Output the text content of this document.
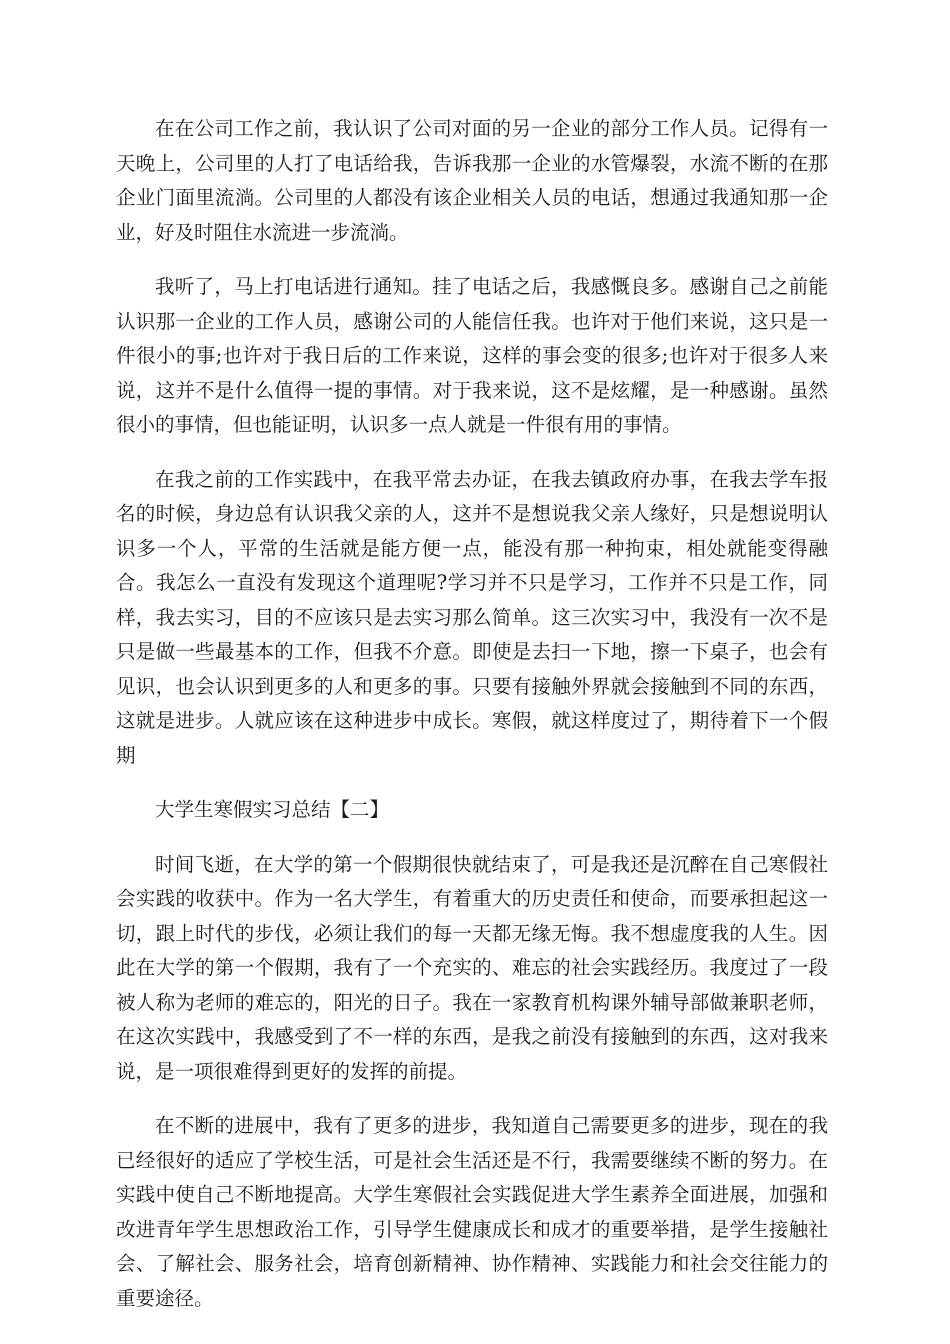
在在公司工作之前，我认识了公司对面的另一企业的部分工作人员。记得有一天晚上，公司里的人打了电话给我，告诉我那一企业的水管爆裂，水流不断的在那企业门面里流淌。公司里的人都没有该企业相关人员的电话，想通过我通知那一企业，好及时阻住水流进一步流淌。

我听了，马上打电话进行通知。挂了电话之后，我感慨良多。感谢自己之前能认识那一企业的工作人员，感谢公司的人能信任我。也许对于他们来说，这只是一件很小的事;也许对于我日后的工作来说，这样的事会变的很多;也许对于很多人来说，这并不是什么值得一提的事情。对于我来说，这不是炫耀，是一种感谢。虽然很小的事情，但也能证明，认识多一点人就是一件很有用的事情。

在我之前的工作实践中，在我平常去办证，在我去镇政府办事，在我去学车报名的时候，身边总有认识我父亲的人，这并不是想说我父亲人缘好，只是想说明认识多一个人，平常的生活就是能方便一点，能没有那一种拘束，相处就能变得融合。我怎么一直没有发现这个道理呢?学习并不只是学习，工作并不只是工作，同样，我去实习，目的不应该只是去实习那么简单。这三次实习中，我没有一次不是只是做一些最基本的工作，但我不介意。即使是去扫一下地，擦一下桌子，也会有见识，也会认识到更多的人和更多的事。只要有接触外界就会接触到不同的东西，这就是进步。人就应该在这种进步中成长。寒假，就这样度过了，期待着下一个假期

大学生寒假实习总结【二】

时间飞逝，在大学的第一个假期很快就结束了，可是我还是沉醉在自己寒假社会实践的收获中。作为一名大学生，有着重大的历史责任和使命，而要承担起这一切，跟上时代的步伐，必须让我们的每一天都无缘无悔。我不想虚度我的人生。因此在大学的第一个假期，我有了一个充实的、难忘的社会实践经历。我度过了一段被人称为老师的难忘的，阳光的日子。我在一家教育机构课外辅导部做兼职老师，在这次实践中，我感受到了不一样的东西，是我之前没有接触到的东西，这对我来说，是一项很难得到更好的发挥的前提。

在不断的进展中，我有了更多的进步，我知道自己需要更多的进步，现在的我已经很好的适应了学校生活，可是社会生活还是不行，我需要继续不断的努力。在实践中使自己不断地提高。大学生寒假社会实践促进大学生素养全面进展，加强和改进青年学生思想政治工作，引导学生健康成长和成才的重要举措，是学生接触社会、了解社会、服务社会，培育创新精神、协作精神、实践能力和社会交往能力的重要途径。
